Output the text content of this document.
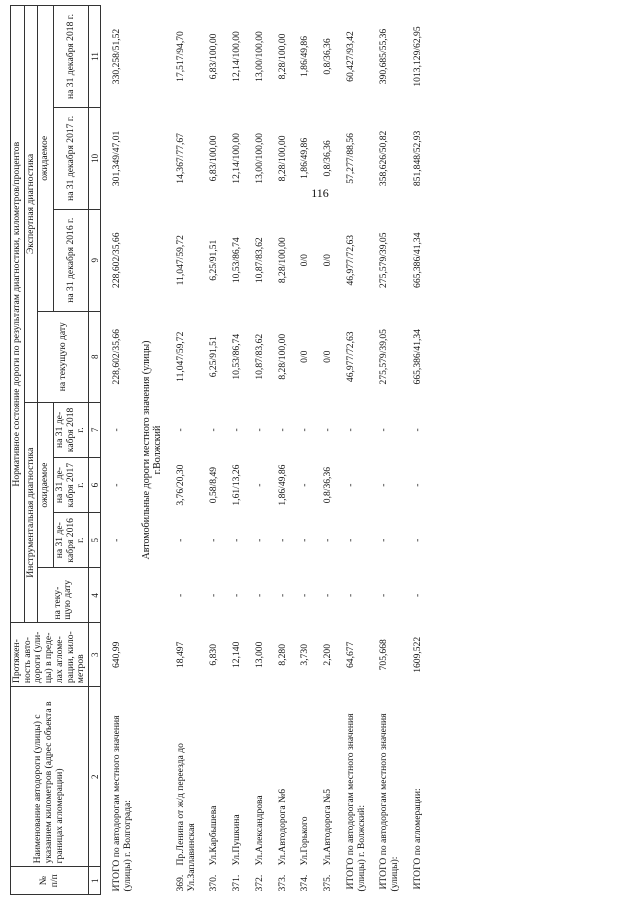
116
№
п/п	Наименование автодороги (улицы) с указанием километров (адрес объекта в границах агломерации)	Протяжен-ность авто-дороги (ули-цы) в преде-лах агломе-рации, кило-метров	Нормативное состояние дороги по результатам диагностики, километров/процентов							
			Инструментальная диагностика				Экспертная диагностика			
			на теку-щую дату	ожидаемое			на текущую дату	ожидаемое		
				на 31 де-кабря 2016 г.	на 31 де-кабря 2017 г.	на 31 де-кабря 2018 г.		на 31 декабря 2016 г.	на 31 декабря 2017 г.	на 31 декабря 2018 г.
1	2	3	4	5	6	7	8	9	10	11

ИТОГО по автодорогам местного значения (улицы) г. Волгограда:		640,99		-	-	-	228,602/35,66	228,602/35,66	301,349/47,01	330,258/51,52
Автомобильные дороги местного значения (улицы)
г.Волжский										

369.Пр.Ленина от ж/д переезда до Ул.Заплавинская		18,497	-	-	3,76/20,30	-	11,047/59,72	11,047/59,72	14,367/77,67	17,517/94,70

370.Ул.Карбышева		6,830	-	-	0,58/8,49	-	6,25/91,51	6,25/91,51	6,83/100,00	6,83/100,00

371.Ул.Пушкина		12,140	-	-	1,61/13,26	-	10,53/86,74	10,53/86,74	12,14/100,00	12,14/100,00

372.Ул.Александрова		13,000	-	-	-	-	10,87/83,62	10,87/83,62	13,00/100,00	13,00/100,00

373.Ул.Автодорога №6		8,280	-	-	1,86/49,86	-	8,28/100,00	8,28/100,00	8,28/100,00	8,28/100,00

374.Ул.Горького		3,730	-	-	-	-	0/0	0/0	1,86/49,86	1,86/49,86

375.Ул.Автодорога №5		2,200	-	-	0,8/36,36	-	0/0	0/0	0,8/36,36	0,8/36,36

ИТОГО по автодорогам местного значения (улицы) г. Волжский:		64,677	-	-	-	-	46,977/72,63	46,977/72,63	57,277/88,56	60,427/93,42

ИТОГО по автодорогам местного значения (улицы):		705,668	-	-	-	-	275,579/39,05	275,579/39,05	358,626/50,82	390,685/55,36

ИТОГО по агломерации:		1609,522	-	-	-	-	665,386/41,34	665,386/41,34	851,848/52,93	1013,129/62,95
